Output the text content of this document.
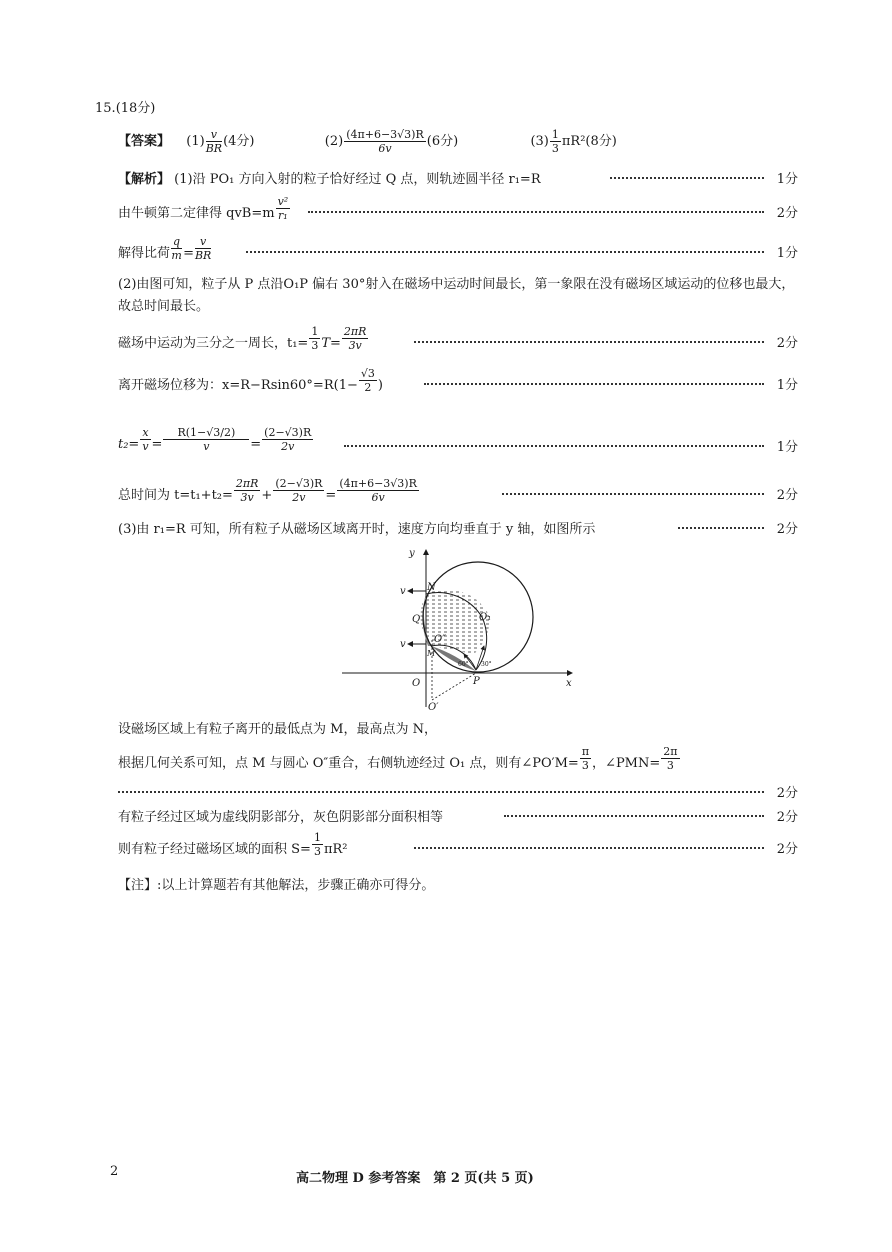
15.(18分)
【答案】 $(1) \frac{v}{BR} (4$分)	$(2) \frac{(4\pi+6-3√3)R}{6v} (6$分)	$(3) \frac{1}{3} \pi R^2(8$分)
【解析】 (1)沿 PO₁ 方向入射的粒子恰好经过 Q 点，则轨迹圆半径 r₁=R	1分
由牛顿第二定律得 $qvB=m \frac{\text{v²}}{\text{r₁}}$	2分
解得比荷 $\frac{q}{m} = \frac{v}{BR}$	1分
(2)由图可知，粒子从 P 点沿O₁P 偏右 30°射入在磁场中运动时间最长，第一象限在没有磁场区域运动的位移也最大，故总时间最长。
磁场中运动为三分之一周长，$t_1= \frac{1}{3} T= \frac{2\pi R}{3v}$	2分
离开磁场位移为：$x=R-Rsin60^\circ=R(1- \frac{√3}{2}$ )	1分
$t_2= \frac{x}{v} = \frac{R(1-√3/2)}{v} = \frac{(2-√3)R}{2v}$	1分
总时间为 $t=t_1+t_2= \frac{2\pi R}{3v} + \frac{(2-√3)R}{2v} = \frac{(4\pi+6-3√3)R}{6v}$	2分
(3)由 r₁=R 可知，所有粒子从磁场区域离开时，速度方向均垂直于 y 轴，如图所示	2分
y
x
N
Q	O₁
O″
M
O	P
O′
v
v
60° 30°
设磁场区域上有粒子离开的最低点为 M，最高点为 N，
根据几何关系可知，点 M 与圆心 O″重合，右侧轨迹经过 O₁ 点，则有∠PO′M= $\frac{\pi}{3}$ ，∠PMN= $\frac{2\pi}{3}$
2分
有粒子经过区域为虚线阴影部分，灰色阴影部分面积相等	2分
则有粒子经过磁场区域的面积 $S= \frac{1}{3} \pi R^2$	2分
【注】:以上计算题若有其他解法，步骤正确亦可得分。
2	高二物理 D 参考答案　第 2 页(共 5 页)
